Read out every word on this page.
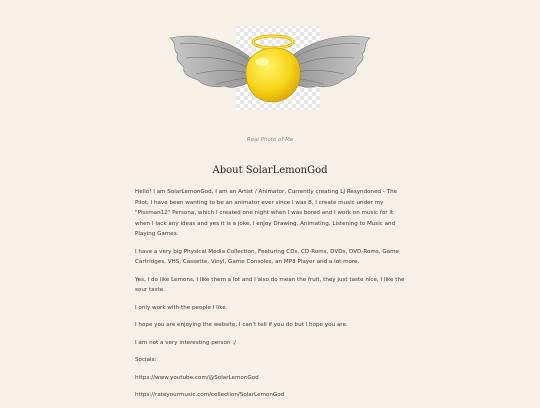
Real Photo of Me
About SolarLemonGod

Hello! I am SolarLemonGod, I am an Artist / Animator, Currently creating LJ Resyndoned - The Pilot, I have been wanting to be an animator ever since I was 8, I create music under my "Pissman12" Persona, which I created one night when I was bored and I work on music for it when I lack any ideas and yes it is a joke, I enjoy Drawing, Animating, Listening to Music and Playing Games.

I have a very big Physical Media Collection, Featuring CDs, CD-Roms, DVDs, DVD-Roms, Game Cartridges, VHS, Cassette, Vinyl, Game Consoles, an MP3 Player and a lot more.

Yes, I do like Lemons, I like them a lot and I also do mean the fruit, they just taste nice, I like the sour taste.

I only work with the people I like.

I hope you are enjoying the website, I can't tell if you do but I hope you are.

I am not a very interesting person :/

Socials:

https://www.youtube.com/@SolarLemonGod

https://rateyourmusic.com/collection/SolarLemonGod
